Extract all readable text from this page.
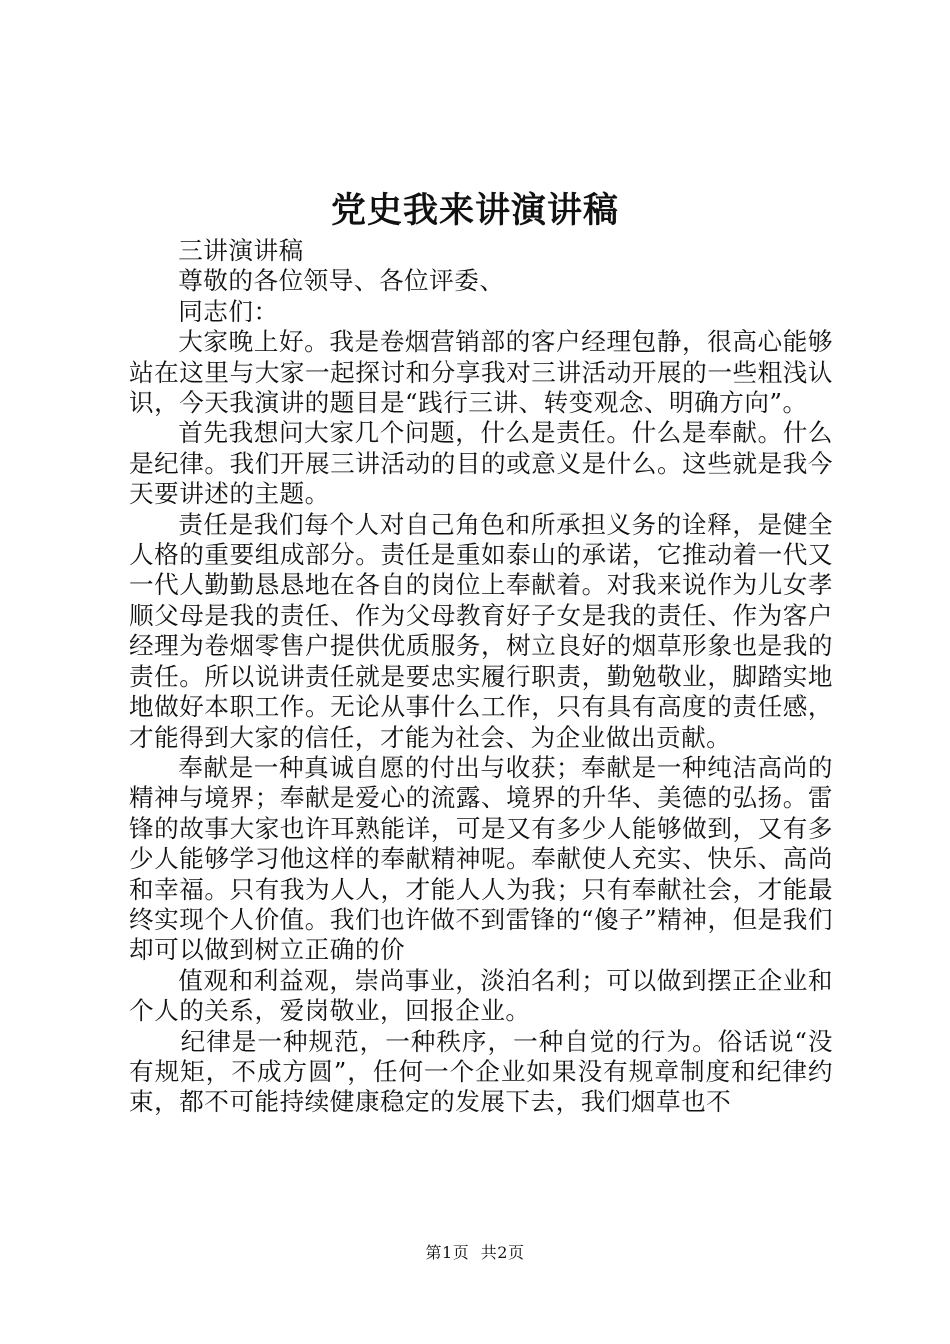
党史我来讲演讲稿

三讲演讲稿

尊敬的各位领导、各位评委、

同志们：

大家晚上好。我是卷烟营销部的客户经理包静，很高心能够站在这里与大家一起探讨和分享我对三讲活动开展的一些粗浅认识，今天我演讲的题目是“践行三讲、转变观念、明确方向”。

首先我想问大家几个问题，什么是责任。什么是奉献。什么是纪律。我们开展三讲活动的目的或意义是什么。这些就是我今天要讲述的主题。

责任是我们每个人对自己角色和所承担义务的诠释，是健全人格的重要组成部分。责任是重如泰山的承诺，它推动着一代又一代人勤勤恳恳地在各自的岗位上奉献着。对我来说作为儿女孝顺父母是我的责任、作为父母教育好子女是我的责任、作为客户经理为卷烟零售户提供优质服务，树立良好的烟草形象也是我的责任。所以说讲责任就是要忠实履行职责，勤勉敬业，脚踏实地地做好本职工作。无论从事什么工作，只有具有高度的责任感，才能得到大家的信任，才能为社会、为企业做出贡献。

奉献是一种真诚自愿的付出与收获；奉献是一种纯洁高尚的精神与境界；奉献是爱心的流露、境界的升华、美德的弘扬。雷锋的故事大家也许耳熟能详，可是又有多少人能够做到，又有多少人能够学习他这样的奉献精神呢。奉献使人充实、快乐、高尚和幸福。只有我为人人，才能人人为我；只有奉献社会，才能最终实现个人价值。我们也许做不到雷锋的“傻子”精神，但是我们却可以做到树立正确的价

值观和利益观，崇尚事业，淡泊名利；可以做到摆正企业和个人的关系，爱岗敬业，回报企业。

纪律是一种规范，一种秩序，一种自觉的行为。俗话说“没有规矩，不成方圆”，任何一个企业如果没有规章制度和纪律约束，都不可能持续健康稳定的发展下去，我们烟草也不

第1页 共2页
